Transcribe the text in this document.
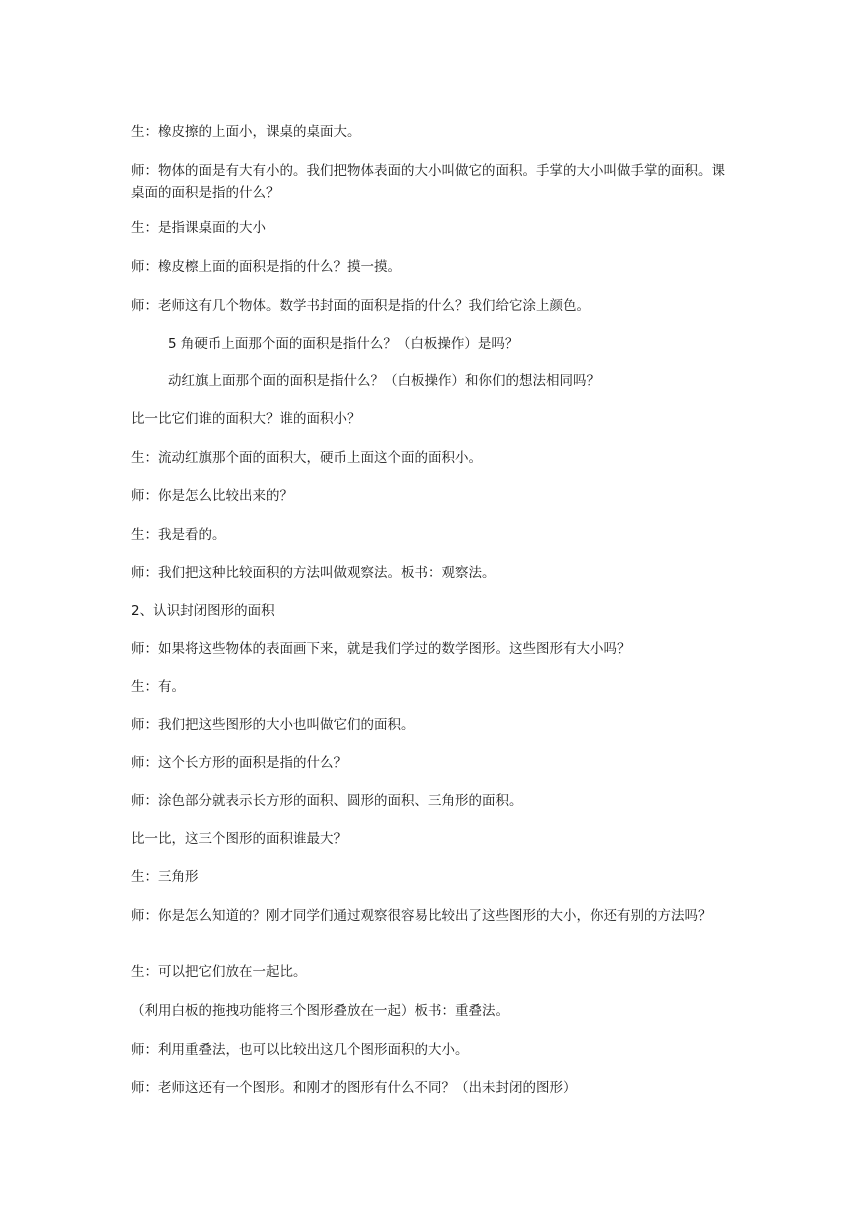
生：橡皮擦的上面小，课桌的桌面大。

师：物体的面是有大有小的。我们把物体表面的大小叫做它的面积。手掌的大小叫做手掌的面积。课桌面的面积是指的什么？

生：是指课桌面的大小

师：橡皮檫上面的面积是指的什么？摸一摸。

师：老师这有几个物体。数学书封面的面积是指的什么？我们给它涂上颜色。

5 角硬币上面那个面的面积是指什么？（白板操作）是吗？

动红旗上面那个面的面积是指什么？（白板操作）和你们的想法相同吗？

比一比它们谁的面积大？谁的面积小？

生：流动红旗那个面的面积大，硬币上面这个面的面积小。

师：你是怎么比较出来的？

生：我是看的。

师：我们把这种比较面积的方法叫做观察法。板书：观察法。

2、认识封闭图形的面积

师：如果将这些物体的表面画下来，就是我们学过的数学图形。这些图形有大小吗？

生：有。

师：我们把这些图形的大小也叫做它们的面积。

师：这个长方形的面积是指的什么？

师：涂色部分就表示长方形的面积、圆形的面积、三角形的面积。

比一比，这三个图形的面积谁最大？

生：三角形

师：你是怎么知道的？刚才同学们通过观察很容易比较出了这些图形的大小，你还有别的方法吗？

生：可以把它们放在一起比。

（利用白板的拖拽功能将三个图形叠放在一起）板书：重叠法。

师：利用重叠法，也可以比较出这几个图形面积的大小。

师：老师这还有一个图形。和刚才的图形有什么不同？（出未封闭的图形）
